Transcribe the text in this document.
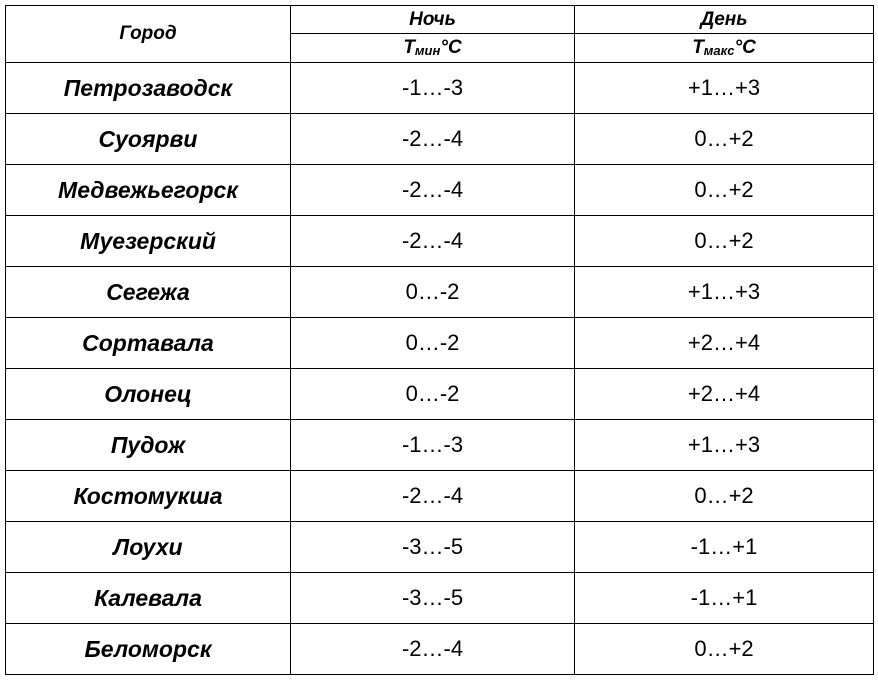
Город	Ночь	День
	Тмин°С	Тмакс°С
Петрозаводск	-1…-3	+1…+3
Суоярви	-2…-4	0…+2
Медвежьегорск	-2…-4	0…+2
Муезерский	-2…-4	0…+2
Сегежа	0…-2	+1…+3
Сортавала	0…-2	+2…+4
Олонец	0…-2	+2…+4
Пудож	-1…-3	+1…+3
Костомукша	-2…-4	0…+2
Лоухи	-3…-5	-1…+1
Калевала	-3…-5	-1…+1
Беломорск	-2…-4	0…+2
